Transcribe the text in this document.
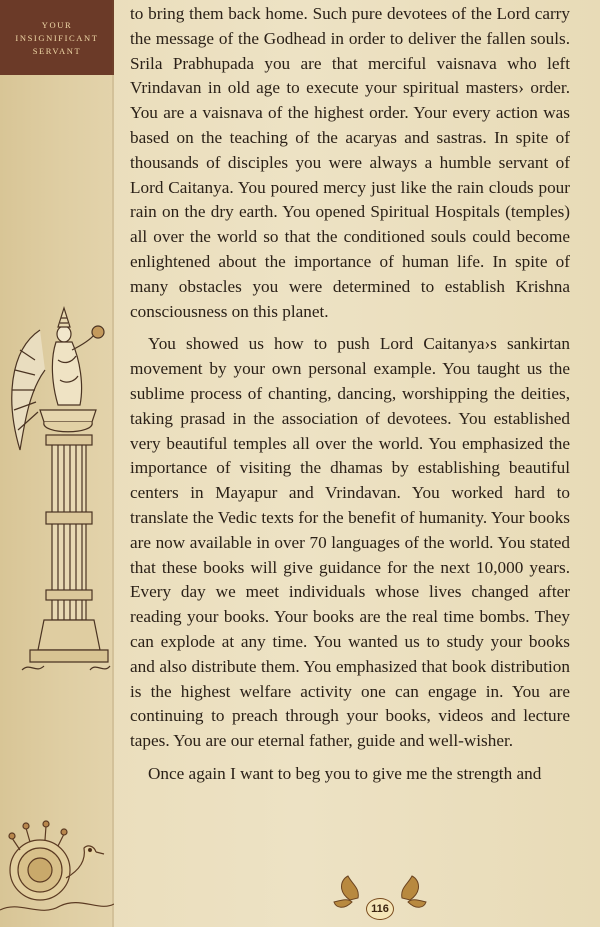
YOUR
INSIGNIFICANT
SERVANT

to bring them back home. Such pure devotees of the Lord carry the message of the Godhead in order to deliver the fallen souls. Srila Prabhupada you are that merciful vaisnava who left Vrindavan in old age to execute your spiritual masters› order. You are a vaisnava of the highest order. Your every action was based on the teaching of the acaryas and sastras. In spite of thousands of disciples you were always a humble servant of Lord Caitanya. You poured mercy just like the rain clouds pour rain on the dry earth. You opened Spiritual Hospitals (temples) all over the world so that the conditioned souls could become enlightened about the importance of human life. In spite of many obstacles you were determined to establish Krishna consciousness on this planet.

You showed us how to push Lord Caitanya›s sankirtan movement by your own personal example. You taught us the sublime process of chanting, dancing, worshipping the deities, taking prasad in the association of devotees. You established very beautiful temples all over the world. You emphasized the importance of visiting the dhamas by establishing beautiful centers in Mayapur and Vrindavan. You worked hard to translate the Vedic texts for the benefit of humanity. Your books are now available in over 70 languages of the world. You stated that these books will give guidance for the next 10,000 years. Every day we meet individuals whose lives changed after reading your books. Your books are the real time bombs. They can explode at any time. You wanted us to study your books and also distribute them. You emphasized that book distribution is the highest welfare activity one can engage in. You are continuing to preach through your books, videos and lecture tapes. You are our eternal father, guide and well-wisher.

Once again I want to beg you to give me the strength and

116
